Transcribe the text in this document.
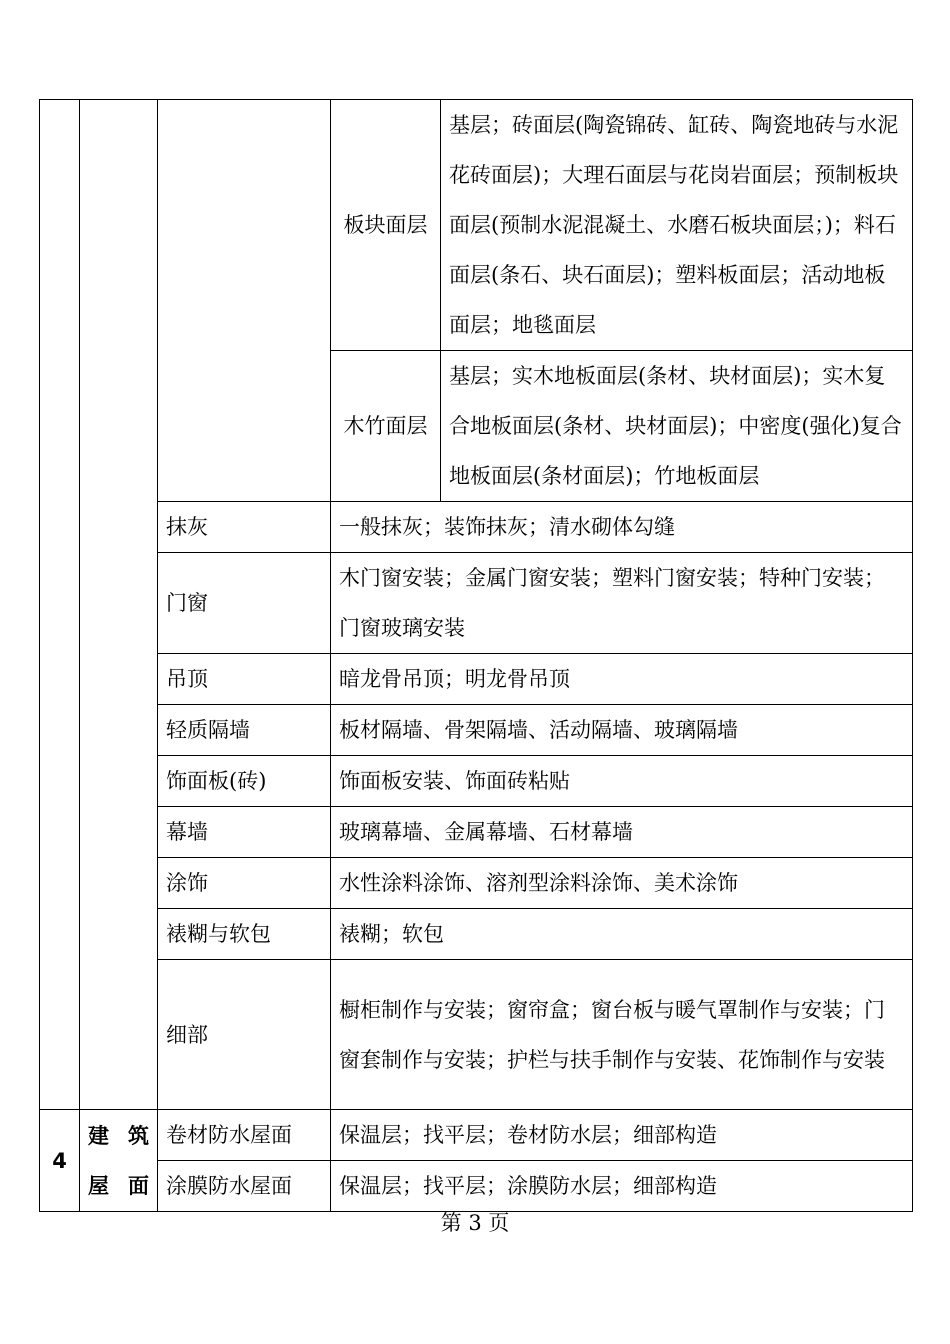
			板块面层	基层；砖面层(陶瓷锦砖、缸砖、陶瓷地砖与水泥花砖面层)；大理石面层与花岗岩面层；预制板块面层(预制水泥混凝土、水磨石板块面层；)；料石面层(条石、块石面层)；塑料板面层；活动地板面层；地毯面层
			木竹面层	基层；实木地板面层(条材、块材面层)；实木复合地板面层(条材、块材面层)；中密度(强化)复合地板面层(条材面层)；竹地板面层
		抹灰	一般抹灰；装饰抹灰；清水砌体勾缝	
		门窗	木门窗安装；金属门窗安装；塑料门窗安装；特种门安装；门窗玻璃安装	
		吊顶	暗龙骨吊顶；明龙骨吊顶	
		轻质隔墙	板材隔墙、骨架隔墙、活动隔墙、玻璃隔墙	
		饰面板(砖)	饰面板安装、饰面砖粘贴	
		幕墙	玻璃幕墙、金属幕墙、石材幕墙	
		涂饰	水性涂料涂饰、溶剂型涂料涂饰、美术涂饰	
		裱糊与软包	裱糊；软包	
		细部	橱柜制作与安装；窗帘盒；窗台板与暖气罩制作与安装；门窗套制作与安装；护栏与扶手制作与安装、花饰制作与安装	

4	建筑屋面	卷材防水屋面	保温层；找平层；卷材防水层；细部构造	
		涂膜防水屋面	保温层；找平层；涂膜防水层；细部构造	
第 3 页
